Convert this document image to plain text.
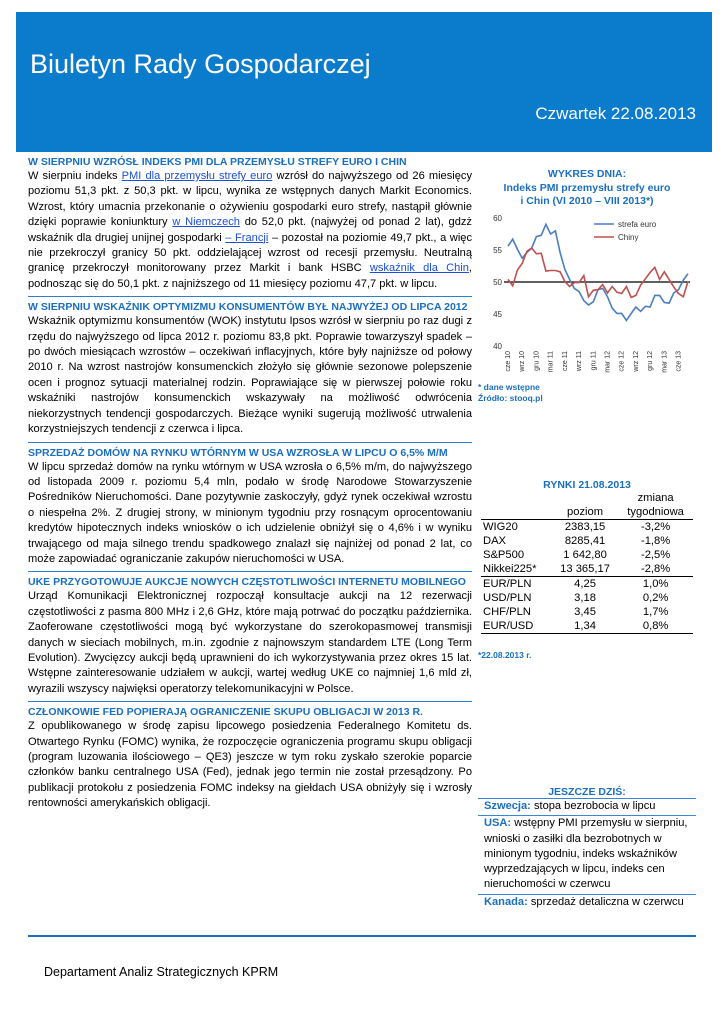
Biuletyn Rady Gospodarczej
Czwartek 22.08.2013
W SIERPNIU WZRÓSŁ INDEKS PMI DLA PRZEMYSŁU STREFY EURO I CHIN
W sierpniu indeks PMI dla przemysłu strefy euro wzrósł do najwyższego od 26 miesięcy poziomu 51,3 pkt. z 50,3 pkt. w lipcu, wynika ze wstępnych danych Markit Economics. Wzrost, który umacnia przekonanie o ożywieniu gospodarki euro strefy, nastąpił głównie dzięki poprawie koniunktury w Niemczech do 52,0 pkt. (najwyżej od ponad 2 lat), gdzż wskaźnik dla drugiej unijnej gospodarki – Francji – pozostał na poziomie 49,7 pkt., a więc nie przekroczył granicy 50 pkt. oddzielającej wzrost od recesji przemysłu. Neutralną granicę przekroczył monitorowany przez Markit i bank HSBC wskaźnik dla Chin, podnosząc się do 50,1 pkt. z najniższego od 11 miesięcy poziomu 47,7 pkt. w lipcu.
W SIERPNIU WSKAŹNIK OPTYMIZMU KONSUMENTÓW BYŁ NAJWYŻEJ OD LIPCA 2012
Wskaźnik optymizmu konsumentów (WOK) instytutu Ipsos wzrósł w sierpniu po raz dugi z rzędu do najwyższego od lipca 2012 r. poziomu 83,8 pkt. Poprawie towarzyszył spadek – po dwóch miesiącach wzrostów – oczekiwań inflacyjnych, które były najniższe od połowy 2010 r. Na wzrost nastrojów konsumenckich złożyło się głównie sezonowe polepszenie ocen i prognoz sytuacji materialnej rodzin. Poprawiające się w pierwszej połowie roku wskaźniki nastrojów konsumenckich wskazywały na możliwość odwrócenia niekorzystnych tendencji gospodarczych. Bieżące wyniki sugerują możliwość utrwalenia korzystniejszych tendencji z czerwca i lipca.
SPRZEDAŻ DOMÓW NA RYNKU WTÓRNYM W USA WZROSŁA W LIPCU O 6,5% M/M
W lipcu sprzedaż domów na rynku wtórnym w USA wzrosła o 6,5% m/m, do najwyższego od listopada 2009 r. poziomu 5,4 mln, podało w środę Narodowe Stowarzyszenie Pośredników Nieruchomości. Dane pozytywnie zaskoczyły, gdyż rynek oczekiwał wzrostu o niespełna 2%. Z drugiej strony, w minionym tygodniu przy rosnącym oprocentowaniu kredytów hipotecznych indeks wniosków o ich udzielenie obniżył się o 4,6% i w wyniku trwającego od maja silnego trendu spadkowego znalazł się najniżej od ponad 2 lat, co może zapowiadać ograniczanie zakupów nieruchomości w USA.
UKE PRZYGOTOWUJE AUKCJE NOWYCH CZĘSTOTLIWOŚCI INTERNETU MOBILNEGO
Urząd Komunikacji Elektronicznej rozpoczął konsultacje aukcji na 12 rezerwacji częstotliwości z pasma 800 MHz i 2,6 GHz, które mają potrwać do początku października. Zaoferowane częstotliwości mogą być wykorzystane do szerokopasmowej transmisji danych w sieciach mobilnych, m.in. zgodnie z najnowszym standardem LTE (Long Term Evolution). Zwycięzcy aukcji będą uprawnieni do ich wykorzystywania przez okres 15 lat. Wstępne zainteresowanie udziałem w aukcji, wartej według UKE co najmniej 1,6 mld zł, wyrazili wszyscy najwięksi operatorzy telekomunikacyjni w Polsce.
CZŁONKOWIE FED POPIERAJĄ OGRANICZENIE SKUPU OBLIGACJI W 2013 R.
Z opublikowanego w środę zapisu lipcowego posiedzenia Federalnego Komitetu ds. Otwartego Rynku (FOMC) wynika, że rozpoczęcie ograniczenia programu skupu obligacji (program luzowania ilościowego – QE3) jeszcze w tym roku zyskało szerokie poparcie członków banku centralnego USA (Fed), jednak jego termin nie został przesądzony. Po publikacji protokołu z posiedzenia FOMC indeksy na giełdach USA obniżyły się i wzrosły rentowności amerykańskich obligacji.
WYKRES DNIA:
Indeks PMI przemysłu strefy euro
i Chin (VI 2010 – VIII 2013*)
40
45
50
55
60
cze 10 wrz 10 gru 10 mar 11 cze 11 wrz 11 gru 11 mar 12 cze 12 wrz 12 gru 12 mar 13 cze 13
strefa euro
Chiny
* dane wstępne
Źródło: stooq.pl
RYNKI 21.08.2013
		zmiana
	poziom	tygodniowa
WIG20	2383,15	-3,2%
DAX	8285,41	-1,8%
S&P500	1 642,80	-2,5%
Nikkei225*	13 365,17	-2,8%
EUR/PLN	4,25	1,0%
USD/PLN	3,18	0,2%
CHF/PLN	3,45	1,7%
EUR/USD	1,34	0,8%
*22.08.2013 r.
JESZCZE DZIŚ:
Szwecja: stopa bezrobocia w lipcu
USA: wstępny PMI przemysłu w sierpniu, wnioski o zasiłki dla bezrobotnych w minionym tygodniu, indeks wskaźników wyprzedzających w lipcu, indeks cen nieruchomości w czerwcu
Kanada: sprzedaż detaliczna w czerwcu
Departament Analiz Strategicznych KPRM
